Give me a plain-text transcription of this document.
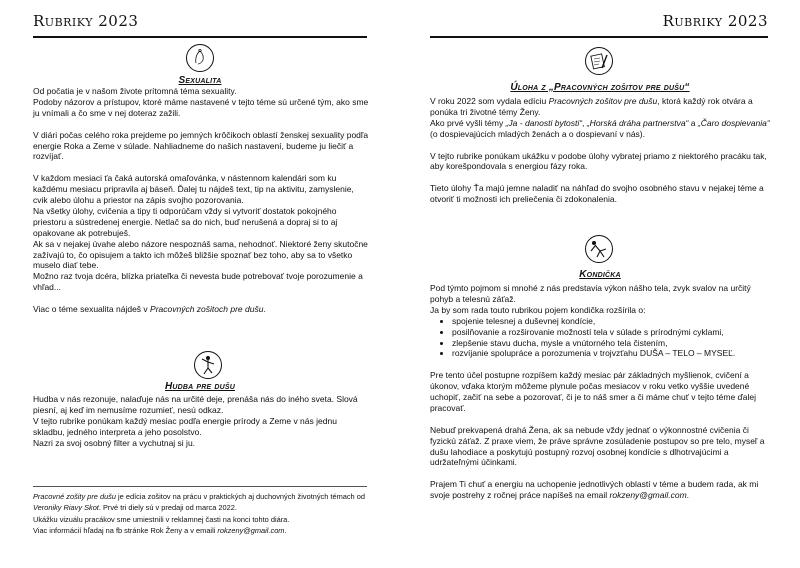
Rubriky 2023
Sexualita

Od počatia je v našom živote prítomná téma sexuality.

Podoby názorov a prístupov, ktoré máme nastavené v tejto téme sú určené tým, ako sme ju vnímali a čo sme v nej doteraz zažili.

V diári počas celého roka prejdeme po jemných krôčikoch oblastí ženskej sexuality podľa energie Roka a Zeme v súlade. Nahliadneme do našich nastavení, budeme ju liečiť a rozvíjať.

V každom mesiaci ťa čaká autorská omaľovánka, v nástennom kalendári som ku každému mesiacu pripravila aj báseň. Ďalej tu nájdeš text, tip na aktivitu, zamyslenie, cvik alebo úlohu a priestor na zápis svojho pozorovania.

Na všetky úlohy, cvičenia a tipy ti odporúčam vždy si vytvoriť dostatok pokojného priestoru a sústredenej energie. Netlač sa do nich, buď nerušená a dopraj si to aj opakovane ak potrebuješ.

Ak sa v nejakej úvahe alebo názore nespoznáš sama, nehodnoť. Niektoré ženy skutočne zažívajú to, čo opisujem a takto ich môžeš bližšie spoznať bez toho, aby sa to všetko muselo diať tebe.

Možno raz tvoja dcéra, blízka priateľka či nevesta bude potrebovať tvoje porozumenie a vhľad...

Viac o téme sexualita nájdeš v Pracovných zošitoch pre dušu.

Hudba pre dušu

Hudba v nás rezonuje, nalaďuje nás na určité deje, prenáša nás do iného sveta. Slová piesní, aj keď im nemusíme rozumieť, nesú odkaz.

V tejto rubrike ponúkam každý mesiac podľa energie prírody a Zeme v nás jednu skladbu, jedného interpreta a jeho posolstvo.

Nazri za svoj osobný filter a vychutnaj si ju.

Pracovné zošity pre dušu je edícia zošitov na prácu v praktických aj duchovných životných témach od Veroniky Riavy Skot. Prvé tri diely sú v predaji od marca 2022.

Ukážku vizuálu pracákov sme umiestnili v reklamnej časti na konci tohto diára.

Viac informácií hľadaj na fb stránke Rok Ženy a v emaili rokzeny@gmail.com.

Rubriky 2023
Úloha z „Pracovných zošitov pre dušu“

V roku 2022 som vydala edíciu Pracovných zošitov pre dušu, ktorá každý rok otvára a ponúka tri životné témy Ženy.

Ako prvé vyšli témy „Ja - danosti bytosti“, „Horská dráha partnerstva“ a „Čaro dospievania“ (o dospievajúcich mladých ženách a o dospievaní v nás).

V tejto rubrike ponúkam ukážku v podobe úlohy vybratej priamo z niektorého pracáku tak, aby korešpondovala s energiou fázy roka.

Tieto úlohy Ťa majú jemne naladiť na náhľad do svojho osobného stavu v nejakej téme a otvoriť ti možnosti ich preliečenia či zdokonalenia.

Kondička

Pod týmto pojmom si mnohé z nás predstavia výkon nášho tela, zvyk svalov na určitý pohyb a telesnú záťaž.

Ja by som rada touto rubrikou pojem kondička rozšírila o:

• spojenie telesnej a duševnej kondície,
• posilňovanie a rozširovanie možností tela v súlade s prírodnými cyklami,
• zlepšenie stavu ducha, mysle a vnútorného tela čistením,
• rozvíjanie spolupráce a porozumenia v trojvzťahu DUŠA – TELO – MYSEĽ.

Pre tento účel postupne rozpíšem každý mesiac pár základných myšlienok, cvičení a úkonov, vďaka ktorým môžeme plynule počas mesiacov v roku vetko vyššie uvedené uchopiť, začiť na sebe a pozorovať, či je to náš smer a či máme chuť v tejto téme ďalej pracovať.

Nebuď prekvapená drahá Žena, ak sa nebude vždy jednať o výkonnostné cvičenia či fyzickú záťaž. Z praxe viem, že práve správne zosúladenie postupov so pre telo, myseľ a dušu lahodiace a poskytujú postupný rozvoj osobnej kondície s dlhotrvajúcimi a udržateľnými účinkami.

Prajem Ti chuť a energiu na uchopenie jednotlivých oblastí v téme a budem rada, ak mi svoje postrehy z ročnej práce napíšeš na email rokzeny@gmail.com.
